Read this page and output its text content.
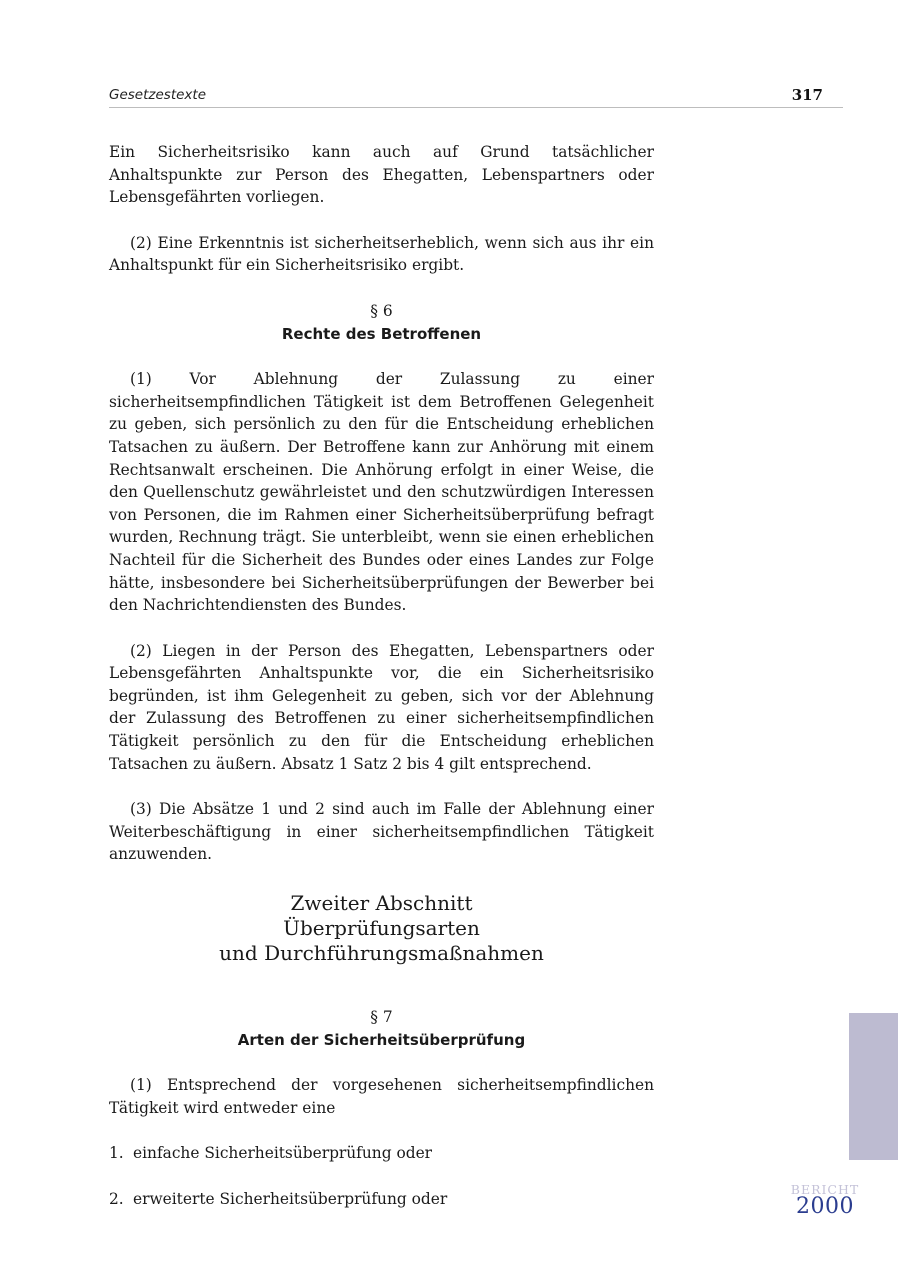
Gesetzestexte	317

Ein Sicherheitsrisiko kann auch auf Grund tatsächlicher Anhaltspunkte zur Person des Ehegatten, Lebenspartners oder Lebensgefährten vorliegen.

(2) Eine Erkenntnis ist sicherheitserheblich, wenn sich aus ihr ein Anhaltspunkt für ein Sicherheitsrisiko ergibt.

§ 6

Rechte des Betroffenen

(1) Vor Ablehnung der Zulassung zu einer sicherheitsempfindlichen Tätigkeit ist dem Betroffenen Gelegenheit zu geben, sich persönlich zu den für die Entscheidung erheblichen Tatsachen zu äußern. Der Betroffene kann zur Anhörung mit einem Rechtsanwalt erscheinen. Die Anhörung erfolgt in einer Weise, die den Quellenschutz gewährleistet und den schutzwürdigen Interessen von Personen, die im Rahmen einer Sicherheitsüberprüfung befragt wurden, Rechnung trägt. Sie unterbleibt, wenn sie einen erheblichen Nachteil für die Sicherheit des Bundes oder eines Landes zur Folge hätte, insbesondere bei Sicherheitsüberprüfungen der Bewerber bei den Nachrichtendiensten des Bundes.

(2) Liegen in der Person des Ehegatten, Lebenspartners oder Lebensgefährten Anhaltspunkte vor, die ein Sicherheitsrisiko begründen, ist ihm Gelegenheit zu geben, sich vor der Ablehnung der Zulassung des Betroffenen zu einer sicherheitsempfindlichen Tätigkeit persönlich zu den für die Entscheidung erheblichen Tatsachen zu äußern. Absatz 1 Satz 2 bis 4 gilt entsprechend.

(3) Die Absätze 1 und 2 sind auch im Falle der Ablehnung einer Weiterbeschäftigung in einer sicherheitsempfindlichen Tätigkeit anzuwenden.

Zweiter Abschnitt
Überprüfungsarten
und Durchführungsmaßnahmen

§ 7

Arten der Sicherheitsüberprüfung

(1) Entsprechend der vorgesehenen sicherheitsempfindlichen Tätigkeit wird entweder eine

1. einfache Sicherheitsüberprüfung oder
2. erweiterte Sicherheitsüberprüfung oder
BERICHT
2000
